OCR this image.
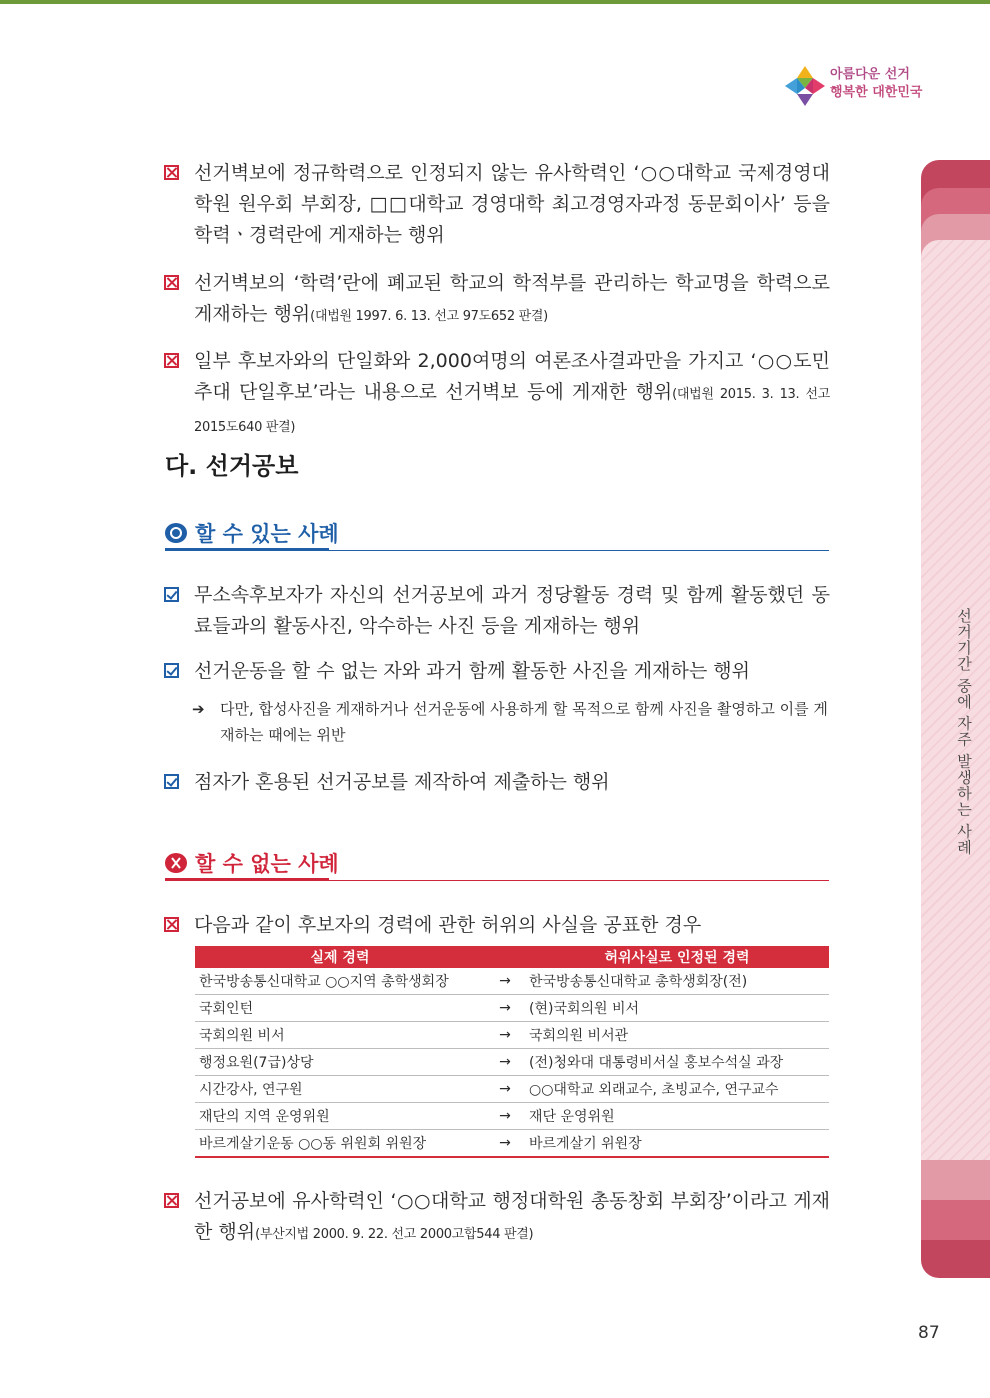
아름다운 선거
행복한 대한민국
선거기간 중에 자주 발생하는 사례
선거벽보에 정규학력으로 인정되지 않는 유사학력인 ‘○○대학교 국제경영대학원 원우회 부회장, □□대학교 경영대학 최고경영자과정 동문회이사’ 등을 학력ㆍ경력란에 게재하는 행위
선거벽보의 ‘학력’란에 폐교된 학교의 학적부를 관리하는 학교명을 학력으로 게재하는 행위(대법원 1997. 6. 13. 선고 97도652 판결)
일부 후보자와의 단일화와 2,000여명의 여론조사결과만을 가지고 ‘○○도민추대 단일후보’라는 내용으로 선거벽보 등에 게재한 행위(대법원 2015. 3. 13. 선고 2015도640 판결)
다. 선거공보
할 수 있는 사례
무소속후보자가 자신의 선거공보에 과거 정당활동 경력 및 함께 활동했던 동료들과의 활동사진, 악수하는 사진 등을 게재하는 행위
선거운동을 할 수 없는 자와 과거 함께 활동한 사진을 게재하는 행위
➔	다만, 합성사진을 게재하거나 선거운동에 사용하게 할 목적으로 함께 사진을 촬영하고 이를 게재하는 때에는 위반
점자가 혼용된 선거공보를 제작하여 제출하는 행위
할 수 없는 사례
다음과 같이 후보자의 경력에 관한 허위의 사실을 공표한 경우
실제 경력		허위사실로 인정된 경력
한국방송통신대학교 ○○지역 총학생회장	→	한국방송통신대학교 총학생회장(전)
국회인턴	→	(현)국회의원 비서
국회의원 비서	→	국회의원 비서관
행정요원(7급)상당	→	(전)청와대 대통령비서실 홍보수석실 과장
시간강사, 연구원	→	○○대학교 외래교수, 초빙교수, 연구교수
재단의 지역 운영위원	→	재단 운영위원
바르게살기운동 ○○동 위원회 위원장	→	바르게살기 위원장
선거공보에 유사학력인 ‘○○대학교 행정대학원 총동창회 부회장’이라고 게재한 행위(부산지법 2000. 9. 22. 선고 2000고합544 판결)
87
